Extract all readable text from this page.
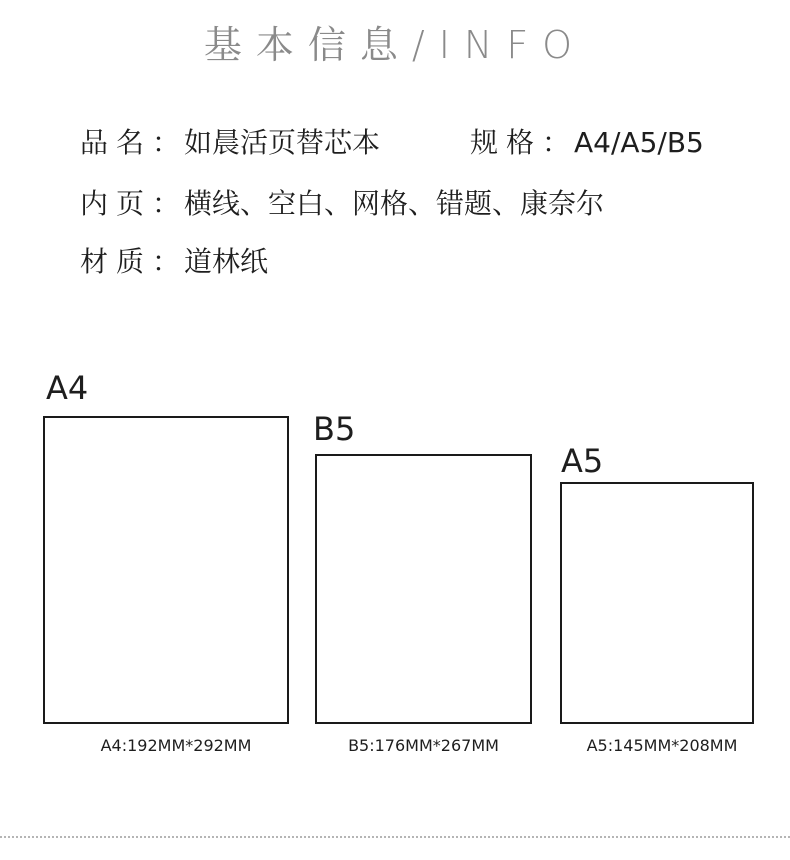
基本信息/INFO
品名： 如晨活页替芯本	规格： A4/A5/B5
内页： 横线、空白、网格、错题、康奈尔
材质： 道林纸
A4
A4:192MM*292MM
B5
B5:176MM*267MM
A5
A5:145MM*208MM
